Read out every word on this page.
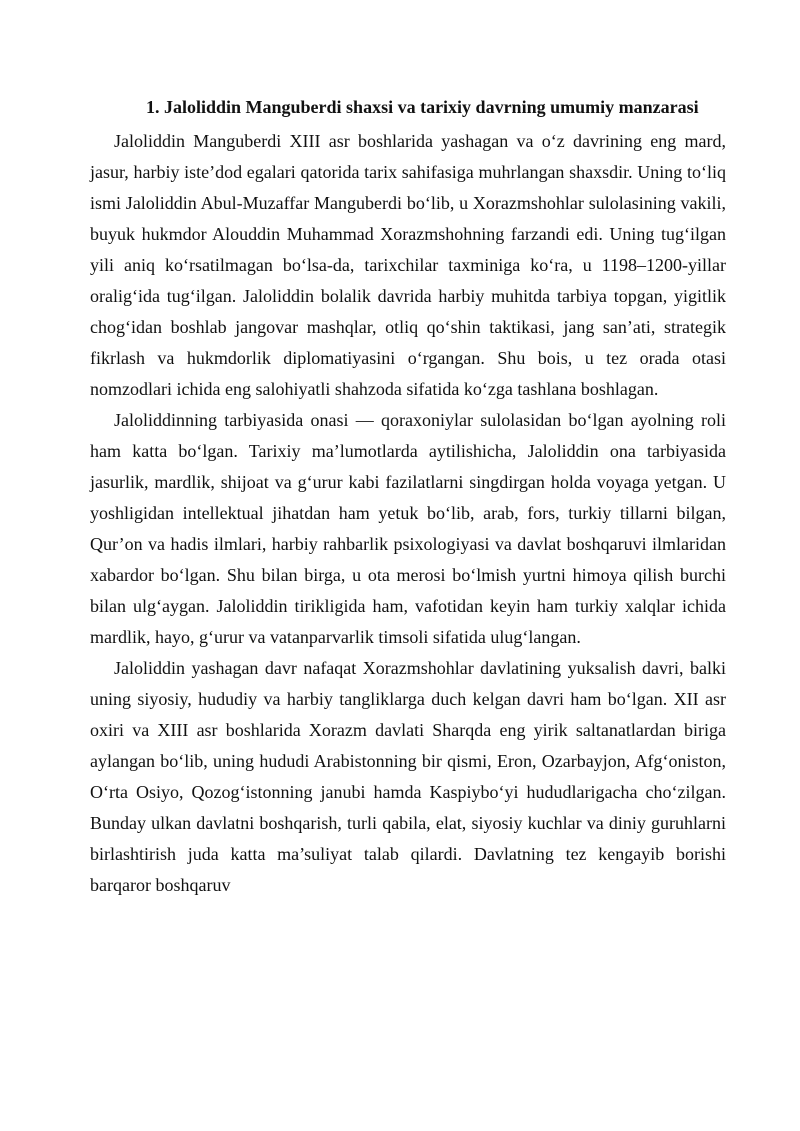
1. Jaloliddin Manguberdi shaxsi va tarixiy davrning umumiy manzarasi

Jaloliddin Manguberdi XIII asr boshlarida yashagan va o‘z davrining eng mard, jasur, harbiy iste’dod egalari qatorida tarix sahifasiga muhrlangan shaxsdir. Uning to‘liq ismi Jaloliddin Abul-Muzaffar Manguberdi bo‘lib, u Xorazmshohlar sulolasining vakili, buyuk hukmdor Alouddin Muhammad Xorazmshohning farzandi edi. Uning tug‘ilgan yili aniq ko‘rsatilmagan bo‘lsa-da, tarixchilar taxminiga ko‘ra, u 1198–1200-yillar oralig‘ida tug‘ilgan. Jaloliddin bolalik davrida harbiy muhitda tarbiya topgan, yigitlik chog‘idan boshlab jangovar mashqlar, otliq qo‘shin taktikasi, jang san’ati, strategik fikrlash va hukmdorlik diplomatiyasini o‘rgangan. Shu bois, u tez orada otasi nomzodlari ichida eng salohiyatli shahzoda sifatida ko‘zga tashlana boshlagan.

Jaloliddinning tarbiyasida onasi — qoraxoniylar sulolasidan bo‘lgan ayolning roli ham katta bo‘lgan. Tarixiy ma’lumotlarda aytilishicha, Jaloliddin ona tarbiyasida jasurlik, mardlik, shijoat va g‘urur kabi fazilatlarni singdirgan holda voyaga yetgan. U yoshligidan intellektual jihatdan ham yetuk bo‘lib, arab, fors, turkiy tillarni bilgan, Qur’on va hadis ilmlari, harbiy rahbarlik psixologiyasi va davlat boshqaruvi ilmlaridan xabardor bo‘lgan. Shu bilan birga, u ota merosi bo‘lmish yurtni himoya qilish burchi bilan ulg‘aygan. Jaloliddin tirikligida ham, vafotidan keyin ham turkiy xalqlar ichida mardlik, hayo, g‘urur va vatanparvarlik timsoli sifatida ulug‘langan.

Jaloliddin yashagan davr nafaqat Xorazmshohlar davlatining yuksalish davri, balki uning siyosiy, hududiy va harbiy tangliklarga duch kelgan davri ham bo‘lgan. XII asr oxiri va XIII asr boshlarida Xorazm davlati Sharqda eng yirik saltanatlardan biriga aylangan bo‘lib, uning hududi Arabistonning bir qismi, Eron, Ozarbayjon, Afg‘oniston, O‘rta Osiyo, Qozog‘istonning janubi hamda Kaspiybo‘yi hududlarigacha cho‘zilgan. Bunday ulkan davlatni boshqarish, turli qabila, elat, siyosiy kuchlar va diniy guruhlarni birlashtirish juda katta ma’suliyat talab qilardi. Davlatning tez kengayib borishi barqaror boshqaruv
